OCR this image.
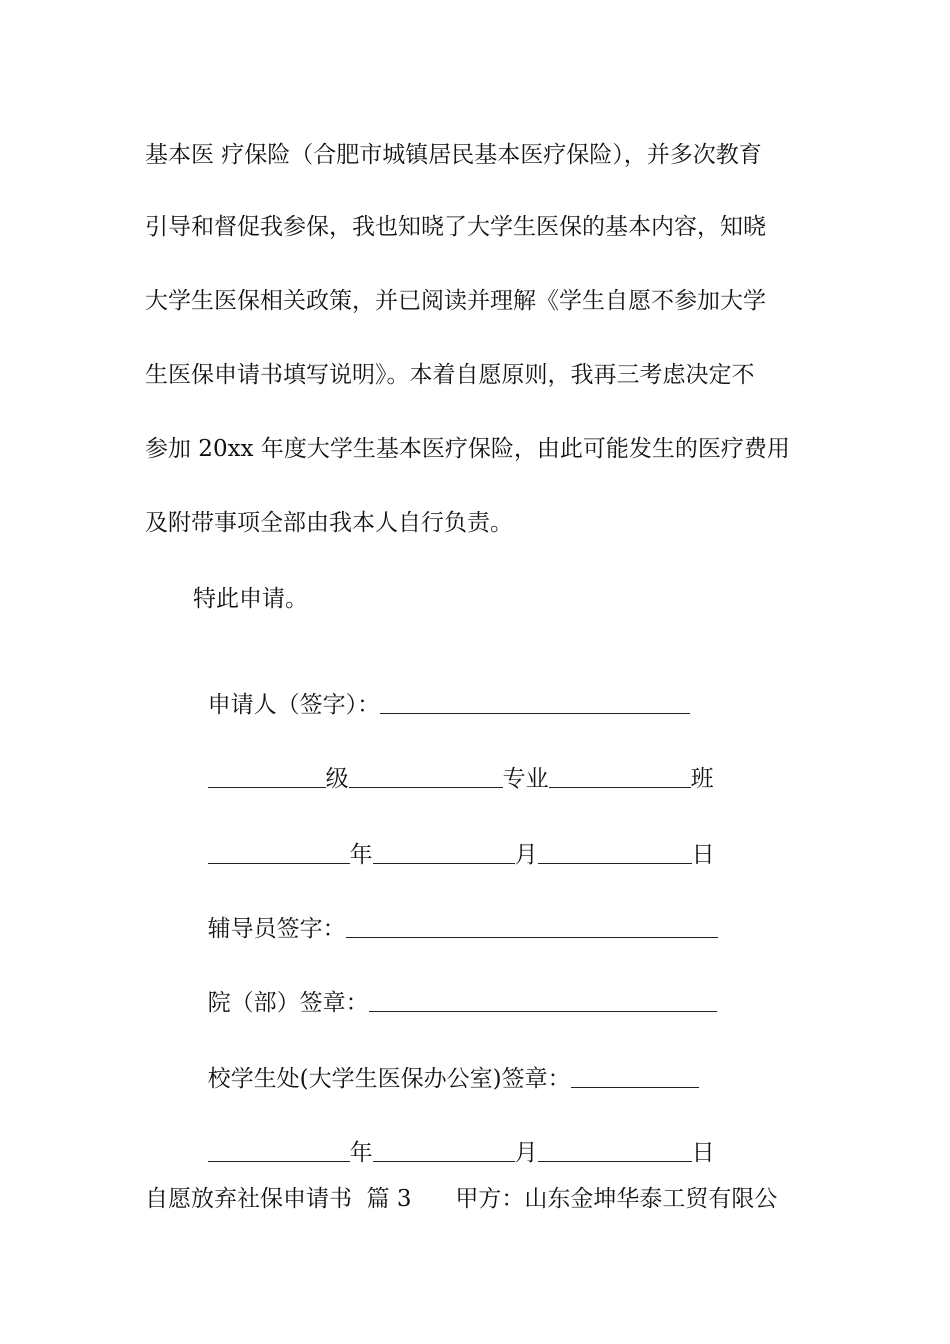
基本医 疗保险（合肥市城镇居民基本医疗保险），并多次教育
引导和督促我参保，我也知晓了大学生医保的基本内容，知晓
大学生医保相关政策，并已阅读并理解《学生自愿不参加大学
生医保申请书填写说明》。本着自愿原则，我再三考虑决定不
参加 20xx 年度大学生基本医疗保险，由此可能发生的医疗费用
及附带事项全部由我本人自行负责。
特此申请。

申请人（签字）：

级	专业	班

年	月	日

辅导员签字：

院（部）签章：

校学生处(大学生医保办公室)签章：

年	月	日

自愿放弃社保申请书  篇 3      甲方：山东金坤华泰工贸有限公
